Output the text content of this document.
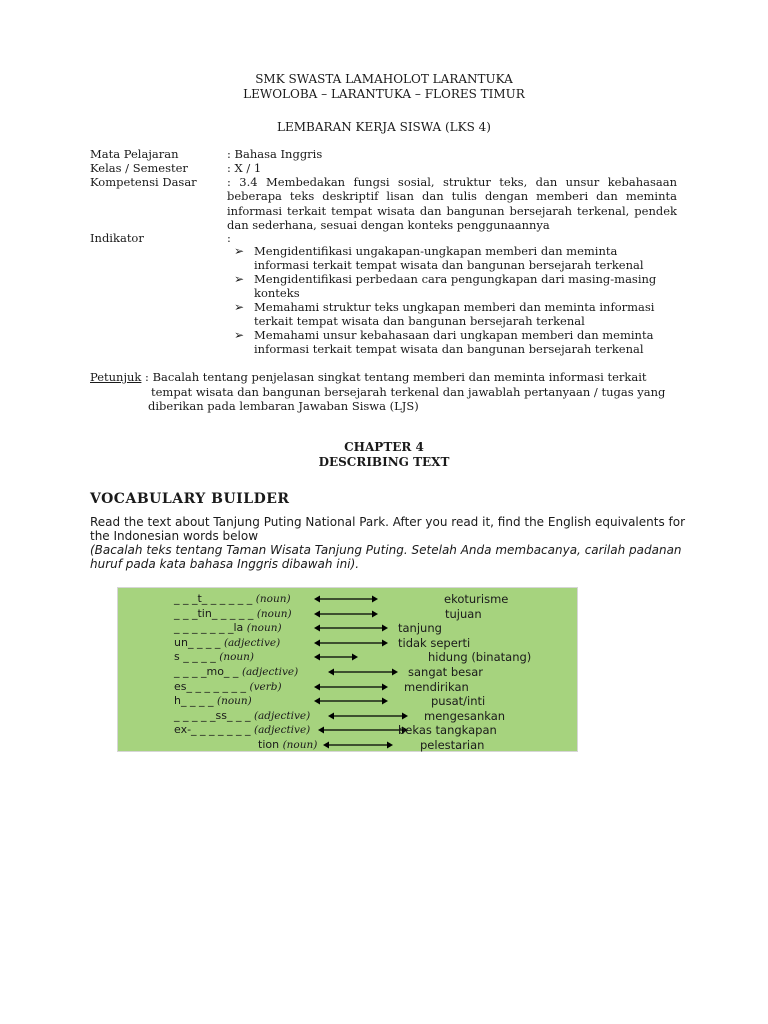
SMK SWASTA LAMAHOLOT LARANTUKA
LEWOLOBA – LARANTUKA – FLORES TIMUR
LEMBARAN KERJA SISWA (LKS 4)
Mata Pelajaran	: Bahasa Inggris
Kelas / Semester	: X / 1
Kompetensi Dasar	: 3.4 Membedakan fungsi sosial, struktur teks, dan unsur kebahasaan beberapa teks deskriptif lisan dan tulis dengan memberi dan meminta informasi terkait tempat wisata dan bangunan bersejarah terkenal, pendek dan sederhana, sesuai dengan konteks penggunaannya
Indikator	:
➢ Mengidentifikasi ungakapan-ungkapan memberi dan meminta informasi terkait tempat wisata dan bangunan bersejarah terkenal
➢ Mengidentifikasi perbedaan cara pengungkapan dari masing-masing konteks
➢ Memahami struktur teks ungkapan memberi dan meminta informasi terkait tempat wisata dan bangunan bersejarah terkenal
➢ Memahami unsur kebahasaan dari ungkapan memberi dan meminta informasi terkait tempat wisata dan bangunan bersejarah terkenal
Petunjuk : Bacalah tentang penjelasan singkat tentang memberi dan meminta informasi terkait
tempat wisata dan bangunan bersejarah terkenal dan jawablah pertanyaan / tugas yang
diberikan pada lembaran Jawaban Siswa (LJS)
CHAPTER 4
DESCRIBING TEXT
VOCABULARY BUILDER
Read the text about Tanjung Puting National Park. After you read it, find the English equivalents for the Indonesian words below
(Bacalah teks tentang Taman Wisata Tanjung Puting. Setelah Anda membacanya, carilah padanan huruf pada kata bahasa Inggris dibawah ini).
_ _ _t_ _ _ _ _ _ (noun)	ekoturisme
_ _ _tin_ _ _ _ _ (noun)	tujuan
_ _ _ _ _ _ _la (noun)	tanjung
un_ _ _ _ (adjective)	tidak seperti
s _ _ _ _ (noun)	hidung (binatang)
_ _ _ _mo_ _ (adjective)	sangat besar
es_ _ _ _ _ _ _ (verb)	mendirikan
h_ _ _ _ (noun)	pusat/inti
_ _ _ _ _ss_ _ _ (adjective)	mengesankan
ex-_ _ _ _ _ _ _ (adjective)	bekas tangkapan
tion (noun)	pelestarian
